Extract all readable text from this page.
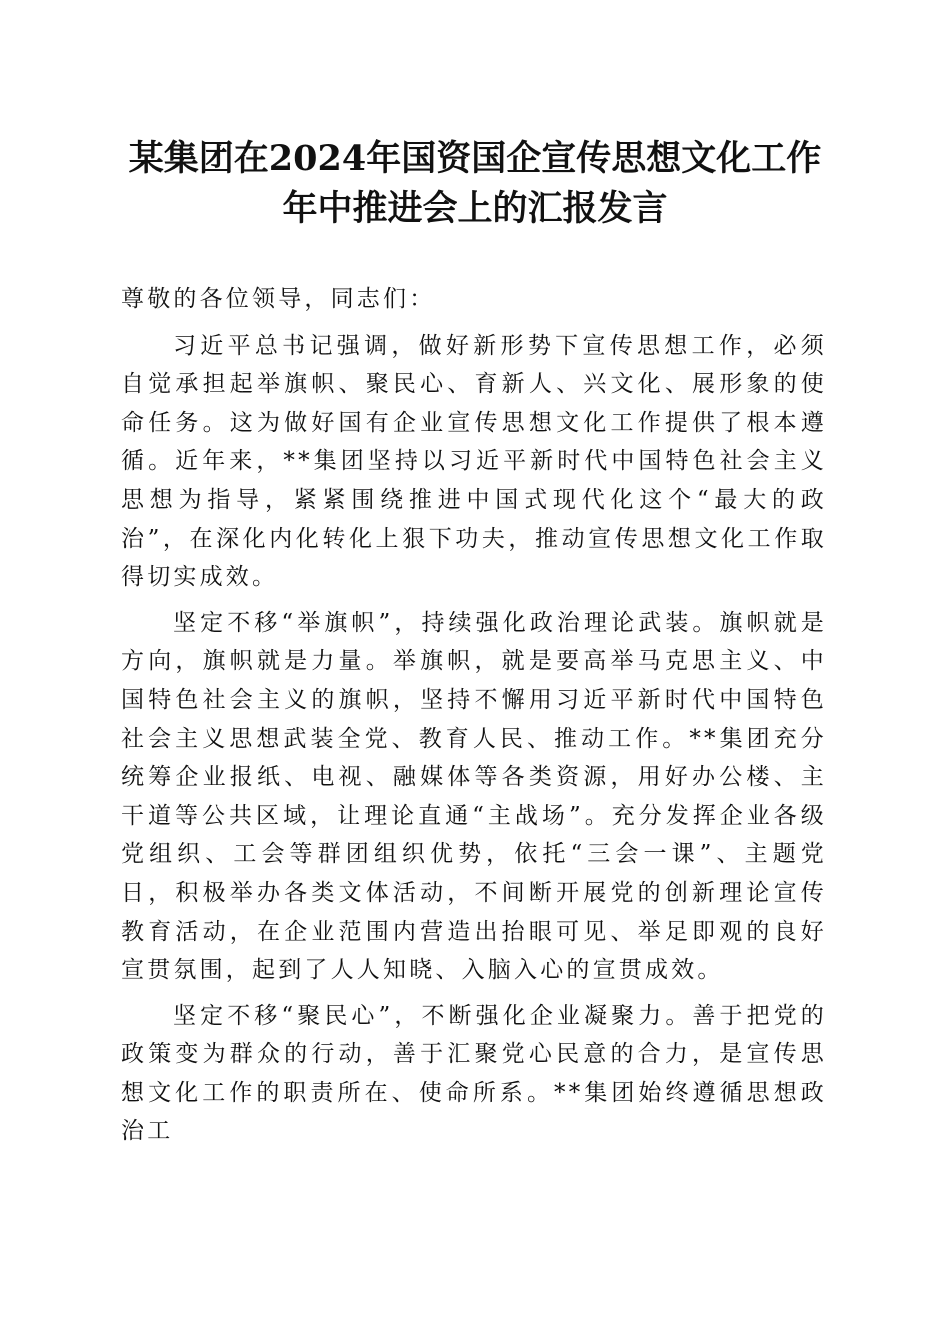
某集团在2024年国资国企宣传思想文化工作
年中推进会上的汇报发言

尊敬的各位领导，同志们：

习近平总书记强调，做好新形势下宣传思想工作，必须自觉承担起举旗帜、聚民心、育新人、兴文化、展形象的使命任务。这为做好国有企业宣传思想文化工作提供了根本遵循。近年来，**集团坚持以习近平新时代中国特色社会主义思想为指导，紧紧围绕推进中国式现代化这个“最大的政治”，在深化内化转化上狠下功夫，推动宣传思想文化工作取得切实成效。

坚定不移“举旗帜”，持续强化政治理论武装。旗帜就是方向，旗帜就是力量。举旗帜，就是要高举马克思主义、中国特色社会主义的旗帜，坚持不懈用习近平新时代中国特色社会主义思想武装全党、教育人民、推动工作。**集团充分统筹企业报纸、电视、融媒体等各类资源，用好办公楼、主干道等公共区域，让理论直通“主战场”。充分发挥企业各级党组织、工会等群团组织优势，依托“三会一课”、主题党日，积极举办各类文体活动，不间断开展党的创新理论宣传教育活动，在企业范围内营造出抬眼可见、举足即观的良好宣贯氛围，起到了人人知晓、入脑入心的宣贯成效。

坚定不移“聚民心”，不断强化企业凝聚力。善于把党的政策变为群众的行动，善于汇聚党心民意的合力，是宣传思想文化工作的职责所在、使命所系。**集团始终遵循思想政治工
